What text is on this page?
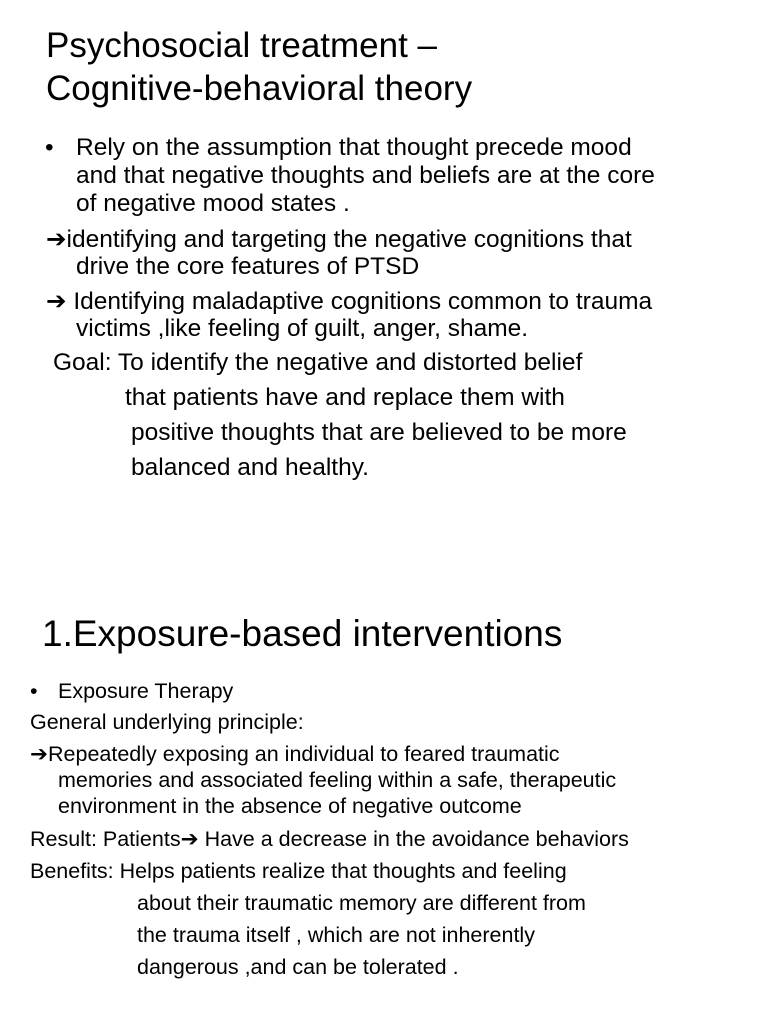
Psychosocial treatment –
Cognitive-behavioral theory
• Rely on the assumption that thought precede mood
and that negative thoughts and beliefs are at the core
of negative mood states .
➔identifying and targeting the negative cognitions that
drive the core features of PTSD
➔ Identifying maladaptive cognitions common to trauma
victims ,like feeling of guilt, anger, shame.
Goal: To identify the negative and distorted belief
that patients have and replace them with
positive thoughts that are believed to be more
balanced and healthy.
1.Exposure-based interventions
• Exposure Therapy
General underlying principle:
➔Repeatedly exposing an individual to feared traumatic
memories and associated feeling within a safe, therapeutic
environment in the absence of negative outcome
Result: Patients➔ Have a decrease in the avoidance behaviors
Benefits: Helps patients realize that thoughts and feeling
about their traumatic memory are different from
the trauma itself , which are not inherently
dangerous ,and can be tolerated .
